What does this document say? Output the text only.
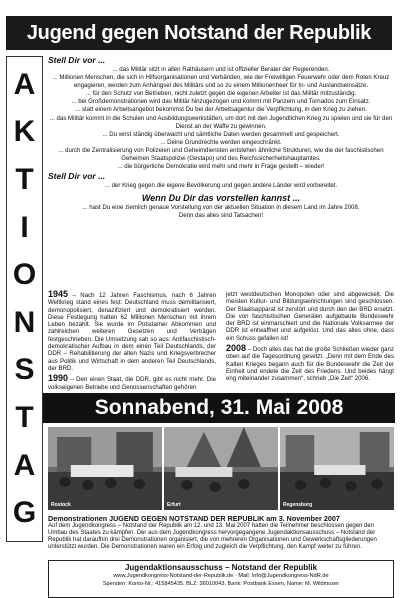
Jugend gegen Notstand der Republik
A
K
T
I
O
N
S
T
A
G
Stell Dir vor ...

... das Militär sitzt in allen Rathäusern und ist offizieller Berater der Regierenden.

... Millionen Menschen, die sich in Hilfsorganisationen und Verbänden, wie der Freiwilligen Feuerwehr oder dem Roten Kreuz engagieren, werden zum Anhängsel des Militärs und so zu einem Millionenheer für In- und Auslandseinsätze.

... für den Schutz von Betrieben, nicht zuletzt gegen die eigenen Arbeiter ist das Militär mitzuständig.

... bei Großdemonstrationen wird das Militär hinzugezogen und kommt mit Panzern und Tornados zum Einsatz.

... statt einem Arbeitsangebot bekommst Du bei der Arbeitsagentur die Verpflichtung, in den Krieg zu ziehen.

... das Militär kommt in die Schulen und Ausbildungswerkstätten, um dort mit den Jugendlichen Krieg zu spielen und sie für den Dienst an der Waffe zu gewinnen.

... Du wirst ständig überwacht und sämtliche Daten werden gesammelt und gespeichert.

... Deine Grundrechte werden eingeschränkt.

... durch die Zentralisierung von Polizeien und Geheimdiensten entstehen ähnliche Strukturen, wie die der faschistischen Geheimen Staatspolizei (Gestapo) und des Reichssicherheitshauptamtes.

... die bürgerliche Demokratie wird mehr und mehr in Frage gestellt – wieder!

Stell Dir vor ...

... der Krieg gegen die eigene Bevölkerung und gegen andere Länder wird vorbereitet.

Wenn Du Dir das vorstellen kannst ...

... hast Du eine ziemlich genaue Vorstellung von der aktuellen Situation in diesem Land im Jahre 2008.

Denn das alles sind Tatsachen!

1945 – Nach 12 Jahren Faschismus, nach 6 Jahren Weltkrieg stand eines fest: Deutschland muss demilitarisiert, demonopolisiert, denazifiziert und demokratisiert werden. Diese Festlegung hatten 62 Millionen Menschen mit ihrem Leben bezahlt. Sie wurde im Potsdamer Abkommen und zahlreichen weiteren Gesetzen und Verträgen festgeschrieben. Die Umsetzung sah so aus: Antifaschistisch-demokratischer Aufbau in dem einen Teil Deutschlands, der DDR – Rehabilitierung der alten Nazis und Kriegsverbrecher aus Politik und Wirtschaft in dem anderen Teil Deutschlands, der BRD.

1990 – Den einen Staat, die DDR, gibt es nicht mehr. Die volkseigenen Betriebe und Genossenschaften gehören

jetzt westdeutschen Monopolen oder sind abgewickelt. Die meisten Kultur- und Bildungseinrichtungen sind geschlossen. Der Staatsapparat ist zerstört und durch den der BRD ersetzt. Die von faschistischen Generälen aufgebaute Bundeswehr der BRD ist einmarschiert und die Nationale Volksarmee der DDR ist entwaffnet und aufgelöst. Und das alles ohne, dass ein Schuss gefallen ist!

2008 – Doch alles das hat die große Schließen wieder ganz oben auf die Tagesordnung gesetzt. „Denn mit dem Ende des Kalten Krieges begann auch für die Bundeswehr die Zeit der Einheit und endete die Zeit des Friedens. Und beides hängt eng miteinander zusammen“, schrieb „Die Zeit“ 2006.

Sonnabend, 31. Mai 2008
Rostock	Erfurt	Regensburg
Demonstrationen JUGEND GEGEN NOTSTAND DER REPUBLIK am 3. November 2007
Auf dem Jugendkongress – Notstand der Republik am 12. und 13. Mai 2007 hatten die Teilnehmer beschlossen gegen den Umbau des Staates zu kämpfen. Der aus dem Jugendkongress hervorgegangene Jugendaktionsausschuss – Notstand der Republik hat daraufhin drei Demonstrationen organisiert, die von mehreren Organisationen und Gewerkschaftsgliederungen unterstützt wurden. Die Demonstrationen waren ein Erfolg und zugleich die Verpflichtung, den Kampf weiter zu führen.
Jugendaktionsausschuss – Notstand der Republik
www.Jugendkongress-Notstand-der-Republik.de · Mail: Info@Jugendkongress-NdR.de
Spenden: Konto-Nr.: 415845435, BLZ: 36010043, Bank: Postbank Essen, Name: M. Wildmoser
